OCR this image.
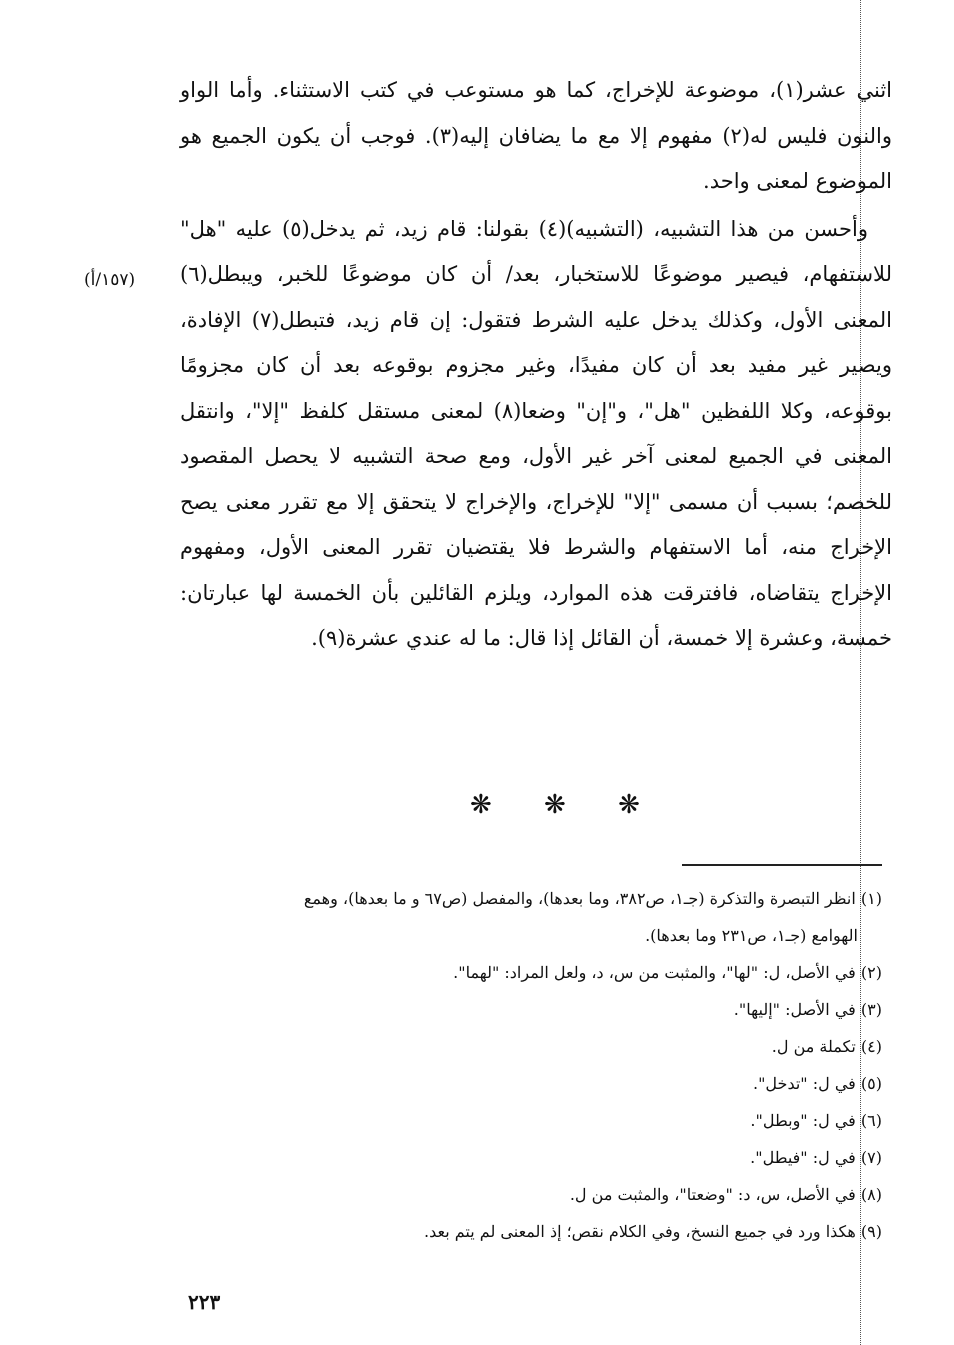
اثني عشر(١)، موضوعة للإخراج، كما هو مستوعب في كتب الاستثناء. وأما الواو والنون فليس له(٢) مفهوم إلا مع ما يضافان إليه(٣). فوجب أن يكون الجميع هو الموضوع لمعنى واحد.

وأحسن من هذا التشبيه، (التشبيه)(٤) بقولنا: قام زيد، ثم يدخل(٥) عليه "هل" للاستفهام، فيصير موضوعًا للاستخبار، بعد/ أن كان موضوعًا للخبر، ويبطل(٦) المعنى الأول، وكذلك يدخل عليه الشرط فتقول: إن قام زيد، فتبطل(٧) الإفادة، ويصير غير مفيد بعد أن كان مفيدًا، وغير مجزوم بوقوعه بعد أن كان مجزومًا بوقوعه، وكلا اللفظين "هل"، و"إن" وضعا(٨) لمعنى مستقل كلفظ "إلا"، وانتقل المعنى في الجميع لمعنى آخر غير الأول، ومع صحة التشبيه لا يحصل المقصود للخصم؛ بسبب أن مسمى "إلا" للإخراج، والإخراج لا يتحقق إلا مع تقرر معنى يصح الإخراج منه، أما الاستفهام والشرط فلا يقتضيان تقرر المعنى الأول، ومفهوم الإخراج يتقاضاه، فافترقت هذه الموارد، ويلزم القائلين بأن الخمسة لها عبارتان: خمسة، وعشرة إلا خمسة، أن القائل إذا قال: ما له عندي عشرة(٩).

(١٥٧/أ)
❋ ❋ ❋

(١) انظر التبصرة والتذكرة (جـ١، ص٣٨٢، وما بعدها)، والمفصل (ص٦٧ و ما بعدها)، وهمع

الهوامع (جـ١، ص٢٣١ وما بعدها).

(٢) في الأصل، ل: "لها"، والمثبت من س، د، ولعل المراد: "لهما".

(٣) في الأصل: "إليها".

(٤) تكملة من ل.

(٥) في ل: "تدخل".

(٦) في ل: "وبطل".

(٧) في ل: "فيطل".

(٨) في الأصل، س، د: "وضعتا"، والمثبت من ل.

(٩) هكذا ورد في جميع النسخ، وفي الكلام نقص؛ إذ المعنى لم يتم بعد.

٢٢٣
